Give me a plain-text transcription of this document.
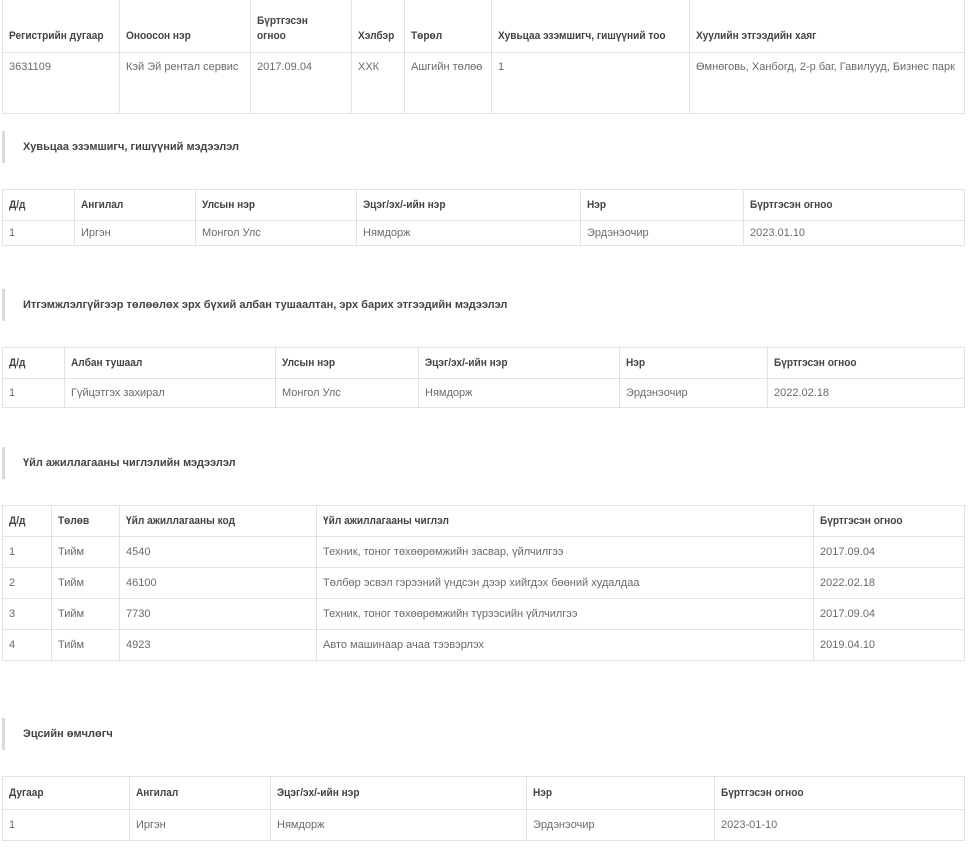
Регистрийн дугаар	Оноосон нэр	Бүртгэсэн огноо	Хэлбэр	Төрөл	Хувьцаа эзэмшигч, гишүүний тоо	Хуулийн этгээдийн хаяг
3631109	Кэй Эй рентал сервис	2017.09.04	ХХК	Ашгийн төлөө	1	Өмнөговь, Ханбогд, 2-р баг, Гавилууд, Бизнес парк
Хувьцаа эзэмшигч, гишүүний мэдээлэл
Д/д	Ангилал	Улсын нэр	Эцэг/эх/-ийн нэр	Нэр	Бүртгэсэн огноо
1	Иргэн	Монгол Улс	Нямдорж	Эрдэнэочир	2023.01.10
Итгэмжлэлгүйгээр төлөөлөх эрх бүхий албан тушаалтан, эрх барих этгээдийн мэдээлэл
Д/д	Албан тушаал	Улсын нэр	Эцэг/эх/-ийн нэр	Нэр	Бүртгэсэн огноо
1	Гүйцэтгэх захирал	Монгол Улс	Нямдорж	Эрдэнэочир	2022.02.18
Үйл ажиллагааны чиглэлийн мэдээлэл
Д/д	Төлөв	Үйл ажиллагааны код	Үйл ажиллагааны чиглэл	Бүртгэсэн огноо
1	Тийм	4540	Техник, тоног төхөөрөмжийн засвар, үйлчилгээ	2017.09.04
2	Тийм	46100	Төлбөр эсвэл гэрээний үндсэн дээр хийгдэх бөөний худалдаа	2022.02.18
3	Тийм	7730	Техник, тоног төхөөрөмжийн түрээсийн үйлчилгээ	2017.09.04
4	Тийм	4923	Авто машинаар ачаа тээвэрлэх	2019.04.10
Эцсийн өмчлөгч
Дугаар	Ангилал	Эцэг/эх/-ийн нэр	Нэр	Бүртгэсэн огноо
1	Иргэн	Нямдорж	Эрдэнэочир	2023-01-10
